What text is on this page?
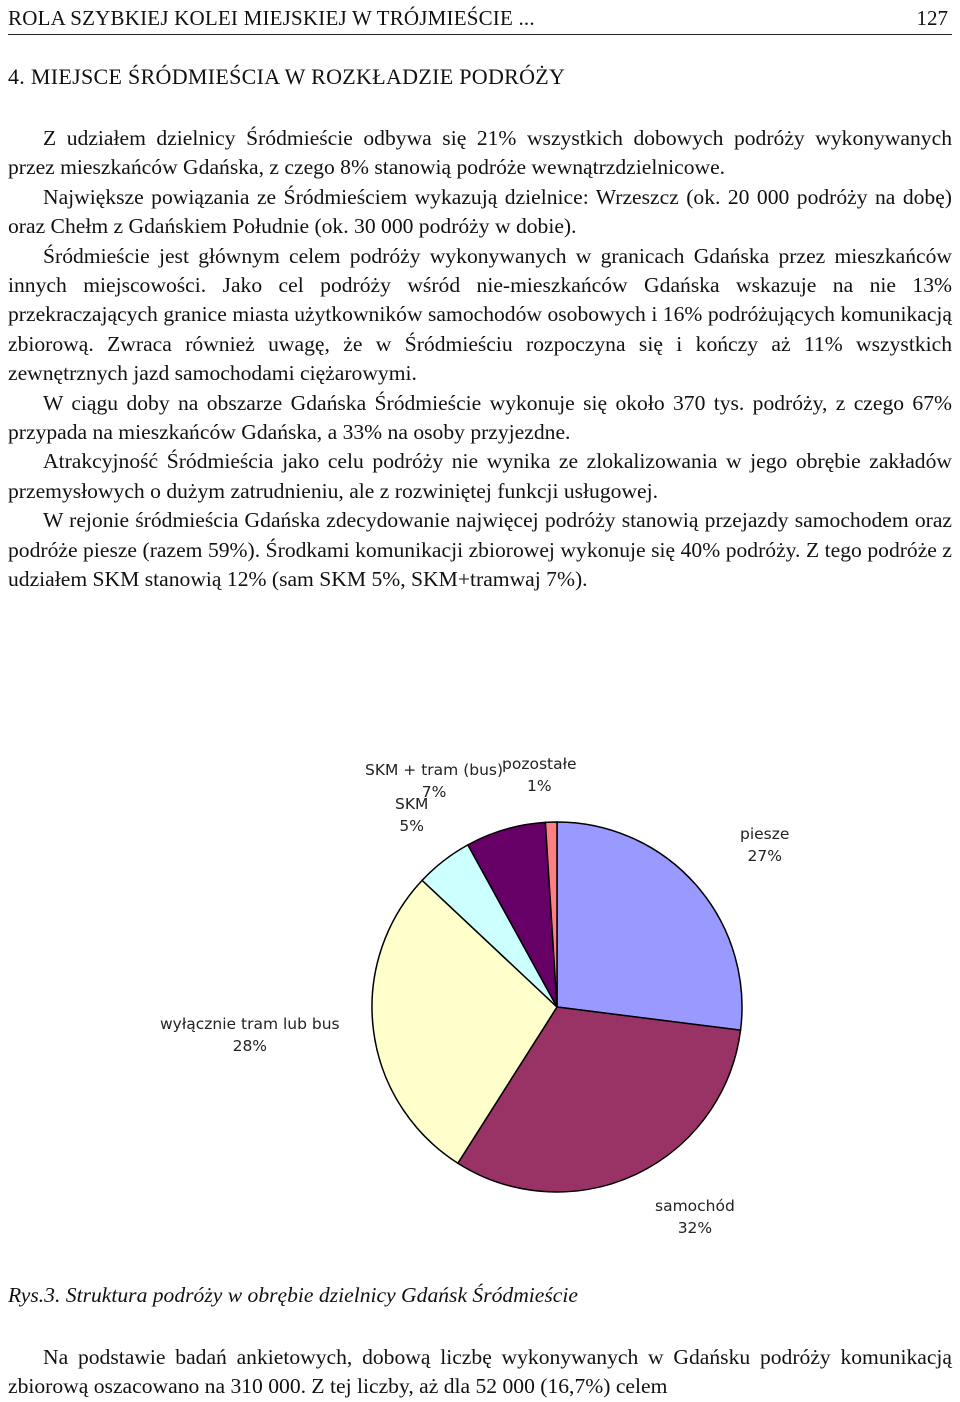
ROLA SZYBKIEJ KOLEI MIEJSKIEJ W TRÓJMIEŚCIE ...	127
4. MIEJSCE ŚRÓDMIEŚCIA W ROZKŁADZIE PODRÓŻY

Z udziałem dzielnicy Śródmieście odbywa się 21% wszystkich dobowych podróży wykonywanych przez mieszkańców Gdańska, z czego 8% stanowią podróże wewnątrzdzielnicowe.

Największe powiązania ze Śródmieściem wykazują dzielnice: Wrzeszcz (ok. 20 000 podróży na dobę) oraz Chełm z Gdańskiem Południe (ok. 30 000 podróży w dobie).

Śródmieście jest głównym celem podróży wykonywanych w granicach Gdańska przez mieszkańców innych miejscowości. Jako cel podróży wśród nie-mieszkańców Gdańska wskazuje na nie 13% przekraczających granice miasta użytkowników samochodów osobowych i 16% podróżujących komunikacją zbiorową. Zwraca również uwagę, że w Śródmieściu rozpoczyna się i kończy aż 11% wszystkich zewnętrznych jazd samochodami ciężarowymi.

W ciągu doby na obszarze Gdańska Śródmieście wykonuje się około 370 tys. podróży, z czego 67% przypada na mieszkańców Gdańska, a 33% na osoby przyjezdne.

Atrakcyjność Śródmieścia jako celu podróży nie wynika ze zlokalizowania w jego obrębie zakładów przemysłowych o dużym zatrudnieniu, ale z rozwiniętej funkcji usługowej.

W rejonie śródmieścia Gdańska zdecydowanie najwięcej podróży stanowią przejazdy samochodem oraz podróże piesze (razem 59%). Środkami komunikacji zbiorowej wykonuje się 40% podróży. Z tego podróże z udziałem SKM stanowią 12% (sam SKM 5%, SKM+tramwaj 7%).

piesze
27%
samochód
32%
wyłącznie tram lub bus
28%
SKM
5%
SKM + tram (bus)
7%
pozostałe
1%
Rys.3. Struktura podróży w obrębie dzielnicy Gdańsk Śródmieście

Na podstawie badań ankietowych, dobową liczbę wykonywanych w Gdańsku podróży komunikacją zbiorową oszacowano na 310 000. Z tej liczby, aż dla 52 000 (16,7%) celem
